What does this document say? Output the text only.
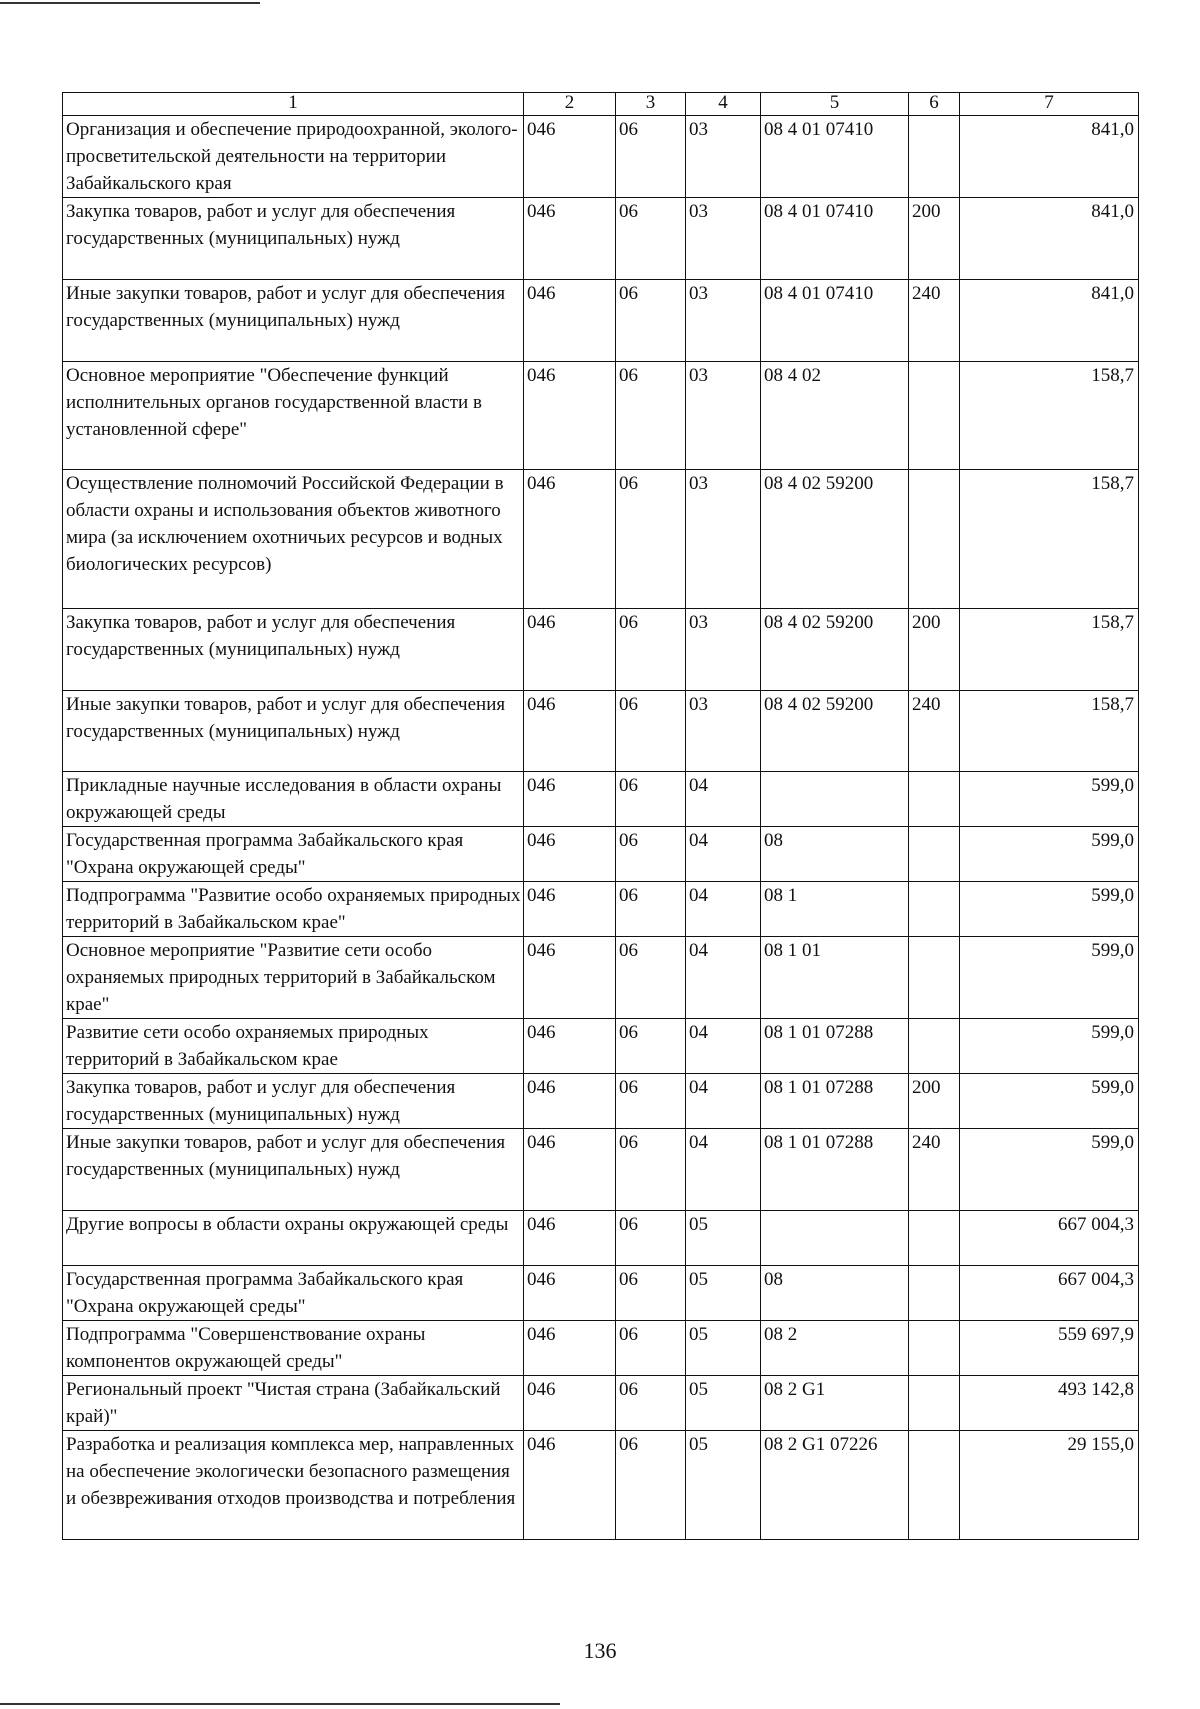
1	2	3	4	5	6	7
Организация и обеспечение природоохранной, эколого-просветительской деятельности на территории Забайкальского края	046	06	03	08 4 01 07410		841,0
Закупка товаров, работ и услуг для обеспечения государственных (муниципальных) нужд	046	06	03	08 4 01 07410	200	841,0
Иные закупки товаров, работ и услуг для обеспечения государственных (муниципальных) нужд	046	06	03	08 4 01 07410	240	841,0
Основное мероприятие "Обеспечение функций исполнительных органов государственной власти в установленной сфере"	046	06	03	08 4 02		158,7
Осуществление полномочий Российской Федерации в области охраны и использования объектов животного мира (за исключением охотничьих ресурсов и водных биологических ресурсов)	046	06	03	08 4 02 59200		158,7
Закупка товаров, работ и услуг для обеспечения государственных (муниципальных) нужд	046	06	03	08 4 02 59200	200	158,7
Иные закупки товаров, работ и услуг для обеспечения государственных (муниципальных) нужд	046	06	03	08 4 02 59200	240	158,7
Прикладные научные исследования в области охраны окружающей среды	046	06	04			599,0
Государственная программа Забайкальского края "Охрана окружающей среды"	046	06	04	08		599,0
Подпрограмма "Развитие особо охраняемых природных территорий в Забайкальском крае"	046	06	04	08 1		599,0
Основное мероприятие "Развитие сети особо охраняемых природных территорий в Забайкальском крае"	046	06	04	08 1 01		599,0
Развитие сети особо охраняемых природных территорий в Забайкальском крае	046	06	04	08 1 01 07288		599,0
Закупка товаров, работ и услуг для обеспечения государственных (муниципальных) нужд	046	06	04	08 1 01 07288	200	599,0
Иные закупки товаров, работ и услуг для обеспечения государственных (муниципальных) нужд	046	06	04	08 1 01 07288	240	599,0
Другие вопросы в области охраны окружающей среды	046	06	05			667 004,3
Государственная программа Забайкальского края "Охрана окружающей среды"	046	06	05	08		667 004,3
Подпрограмма "Совершенствование охраны компонентов окружающей среды"	046	06	05	08 2		559 697,9
Региональный проект "Чистая страна (Забайкальский край)"	046	06	05	08 2 G1		493 142,8
Разработка и реализация комплекса мер, направленных на обеспечение экологически безопасного размещения и обезвреживания отходов производства и потребления	046	06	05	08 2 G1 07226		29 155,0
136
